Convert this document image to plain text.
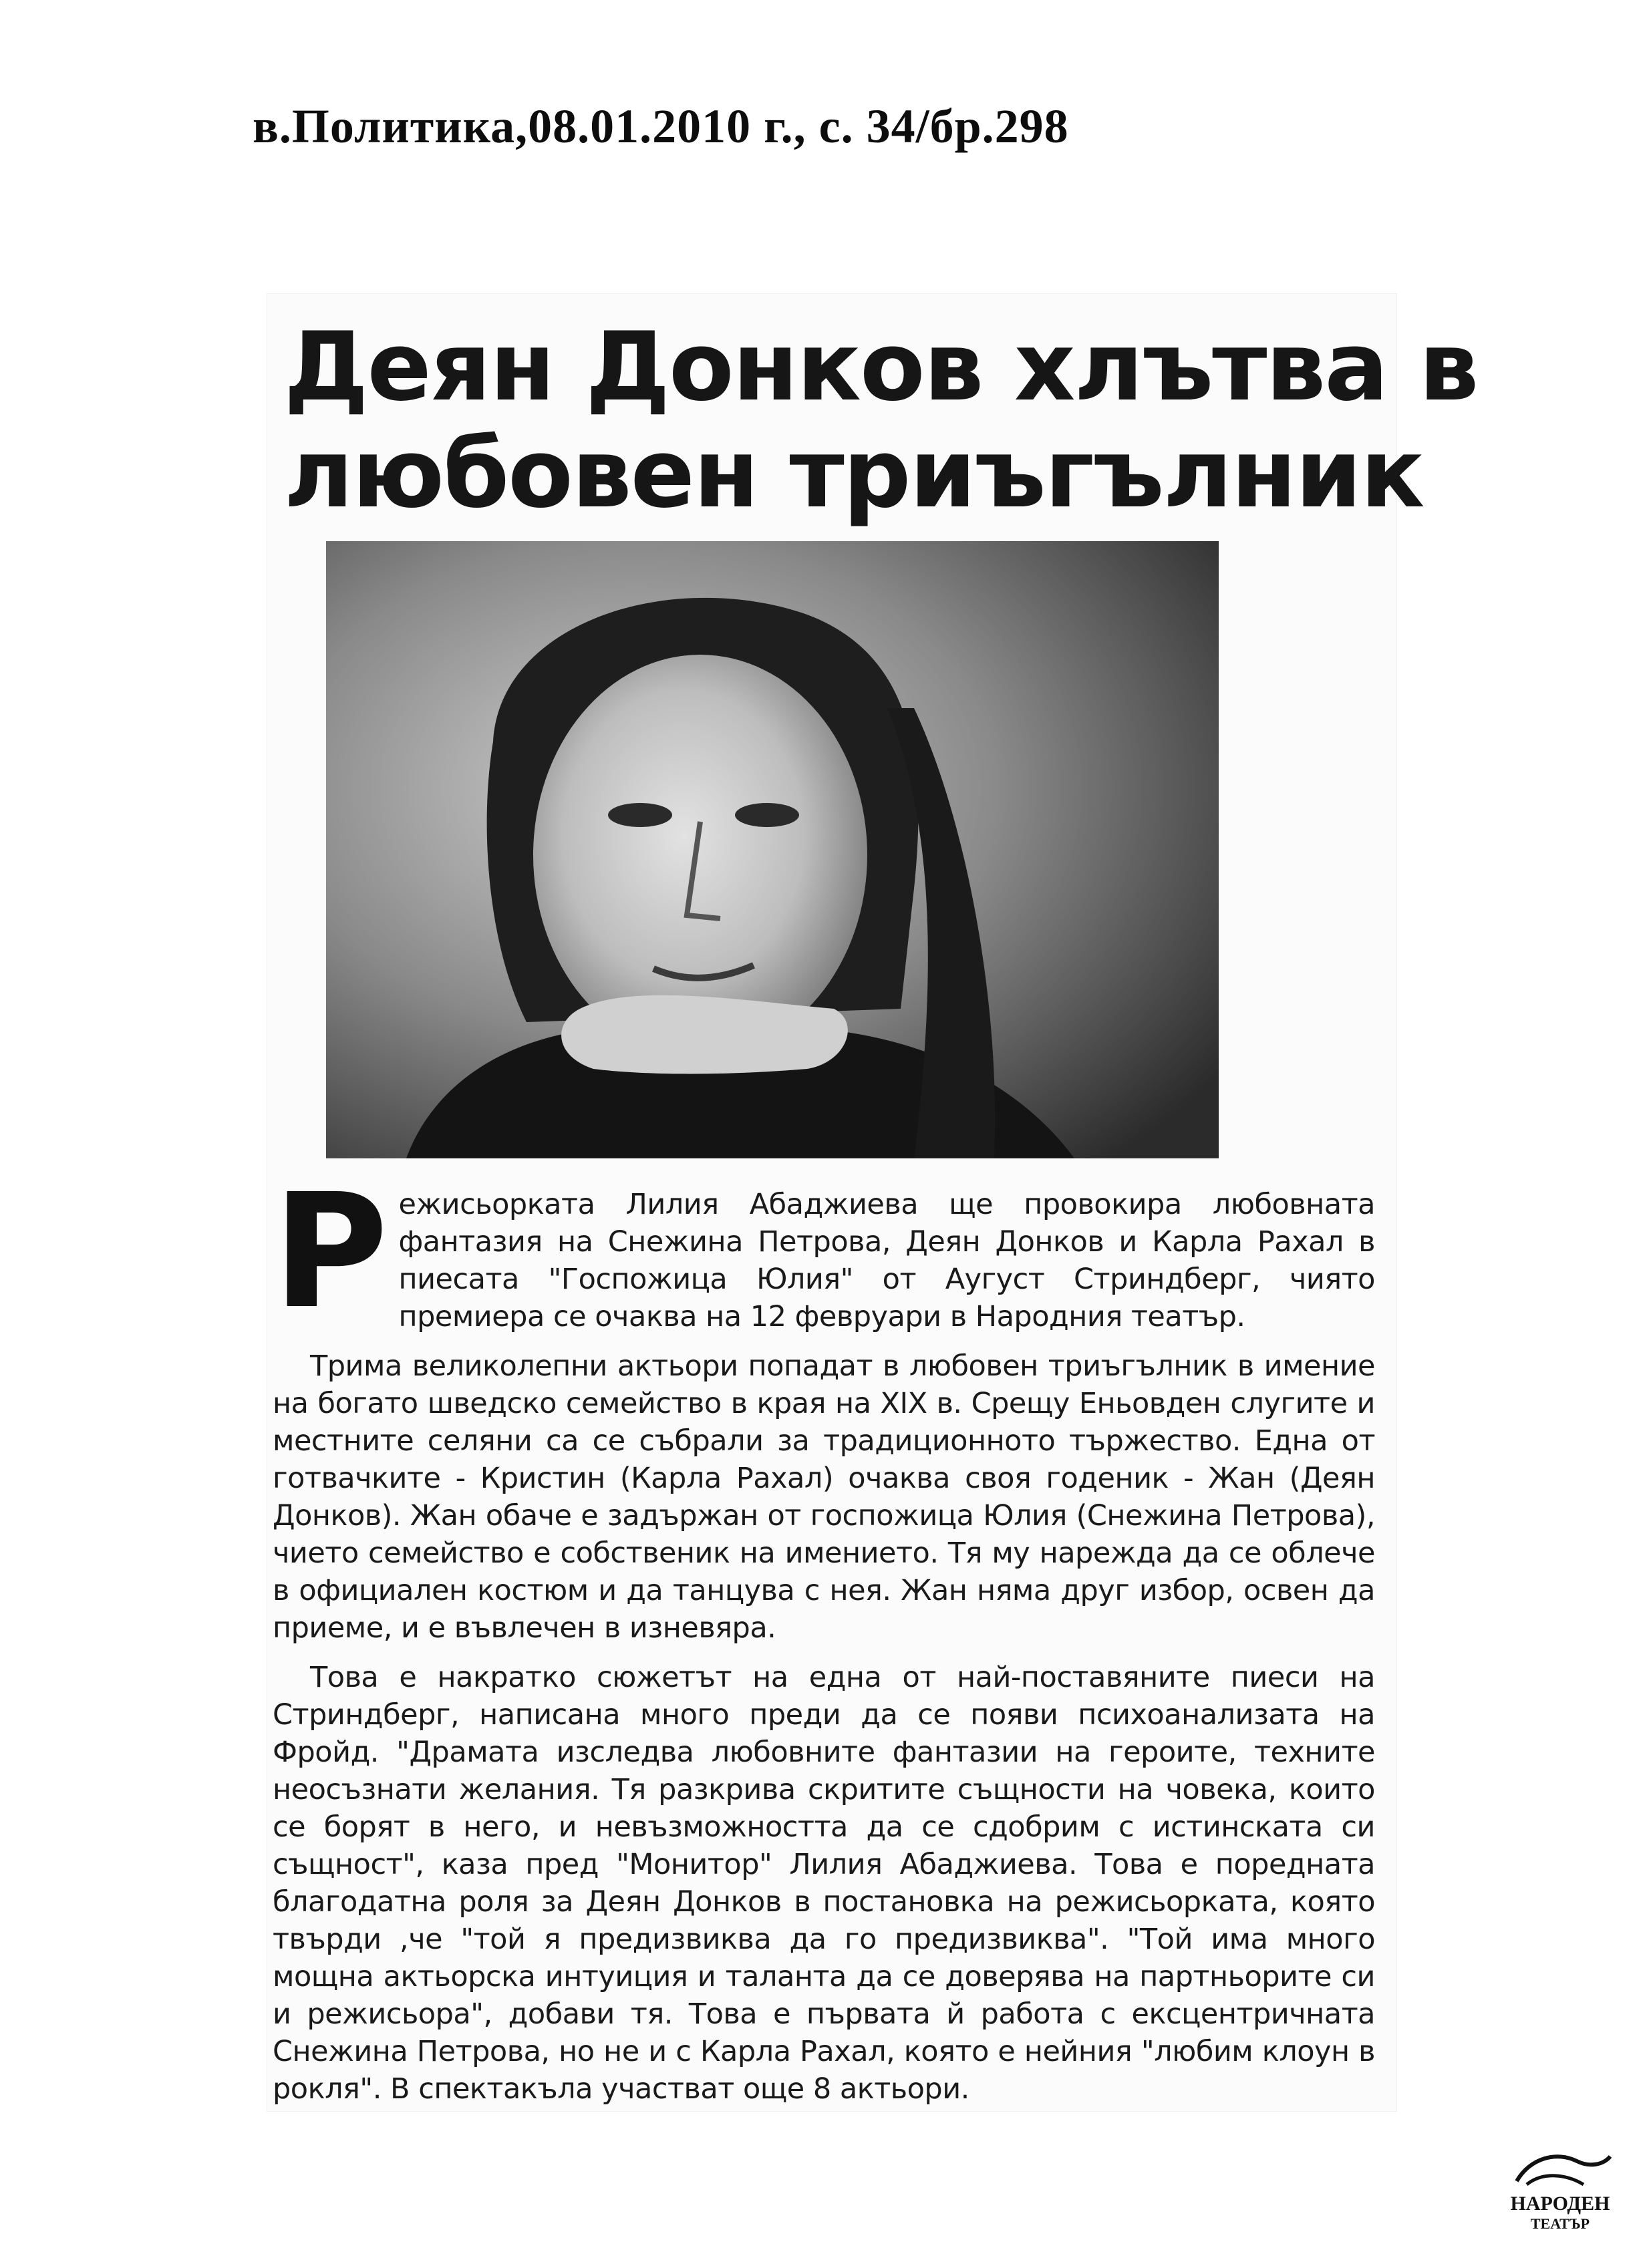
в.Политика,08.01.2010 г., с. 34/бр.298
Деян Донков хлътва в
любовен триъгълник

Режисьорката Лилия Абаджиева ще провокира любовната фантазия на Снежина Петрова, Деян Донков и Карла Рахал в пиесата "Госпожица Юлия" от Аугуст Стриндберг, чиято премиера се очаква на 12 февруари в Народния театър.

Трима великолепни актьори попадат в любовен триъгълник в имение на богато шведско семейство в края на XIX в. Срещу Еньовден слугите и местните селяни са се събрали за традиционното тържество. Една от готвачките - Кристин (Карла Рахал) очаква своя годеник - Жан (Деян Донков). Жан обаче е задържан от госпожица Юлия (Снежина Петрова), чието семейство е собственик на имението. Тя му нарежда да се облече в официален костюм и да танцува с нея. Жан няма друг избор, освен да приеме, и е въвлечен в изневяра.

Това е накратко сюжетът на една от най-поставяните пиеси на Стриндберг, написана много преди да се появи психоанализата на Фройд. "Драмата изследва любовните фантазии на героите, техните неосъзнати желания. Тя разкрива скритите същности на човека, които се борят в него, и невъзможността да се сдобрим с истинската си същност", каза пред "Монитор" Лилия Абаджиева. Това е поредната благодатна роля за Деян Донков в постановка на режисьорката, която твърди ,че "той я предизвиква да го предизвиква". "Той има много мощна актьорска интуиция и таланта да се доверява на партньорите си и режисьора", добави тя. Това е първата й работа с ексцентричната Снежина Петрова, но не и с Карла Рахал, която е нейния "любим клоун в рокля". В спектакъла участват още 8 актьори.

НАРОДЕН
ТЕАТЪР
